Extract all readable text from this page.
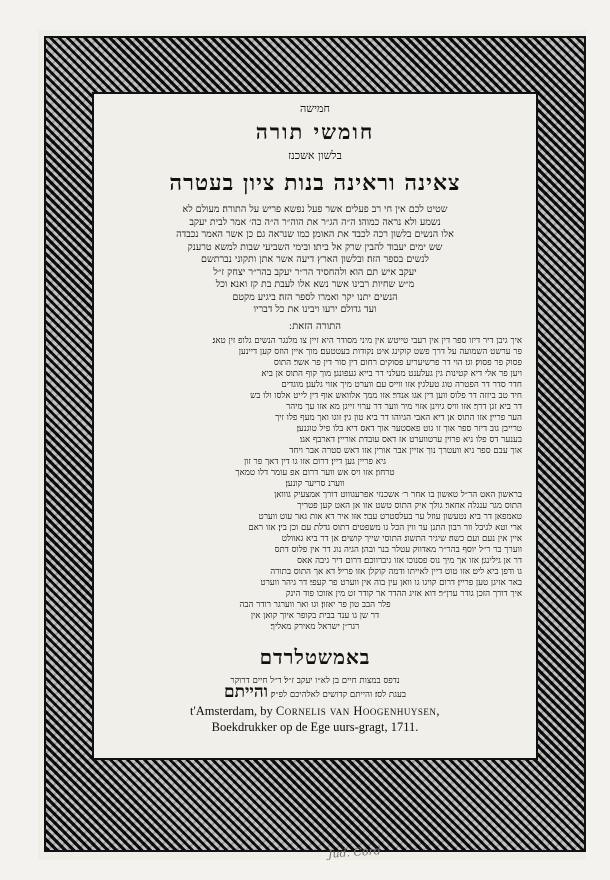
חמישה

חומשי תורה

בלשון אשכנז

צאינה וראינה בנות ציון בעטרה

שטיט לכם אין חי רב פעלים׃ אשר פעל נפשא פריש על התורה׃ מעולם לא

נשמע ולא נראה כמוהו׃ ה״ה הג״ר את הוה״ר ה״ה כה׳ אמר לבית יעקב

אלו הנשים בלשון רכה לכבד את האומן׃ כמו שנראה גם כן אשר האמר נכבדה

שש ימים יעבוד להבין שרק אל ביתו׃ ובימי השביעי שבות למשא טרענק

לנשים בספר הזה׃ ובלשון הארץ דיעה אשר אתן ותקוני נברתשם

יעקב איש תם הוא׃ ולהחסיד הר״ר יעקב בהר״ר יצחק ז״ל

מ״ש שחיות רבינו אשר נשא אלו לעבת בת קז ואנא׃ וכל

הנשים יתנו יקר ואמרו לספר הזה׃ ביגיע מקטם

ועד גדולם ירעו ויבינו את כל דבריו

התורה הזאת ׃

איך גיבן דיר דיזו ספר דין אין רעבי טייטש אין מיני מסודר היא זיין צו מלנגר הנשים גלופ זין טאג׃

פר ערשט השמועה על דרך פשט קוקינג איט נקודות בעטטעם׃ מוך איין הוזס קען דיינען

פסוק פר פסוק׃ וגו׃ הוי דר פרשיעריע פסוקים רחום דין סור דין פר אשר׃ התוס

ויען פר אלי דיא קטינות גין געלענט מעלני דר בייא געפונגן׃ מוך קוף התוס אן ביא

חדר סדר דר הפטרה טוג טעלגין׃ אזו ווייס עם ווערט מיך אזוי גלעגן׃ מוגדים

חיד טב ביזזה דר פלוס ווען דין אגו אנדר׃ אזו ממך אלוואש אוף דין לייט אלסו ולו בש

דר ביא זגן דרך׃ אזו וויס גיוינן אזוי מיר ווער דר ערוי זייגן מא אזו עך מיהר

הער פריין׃ אזו התוס אן דיא האבי הגיוהו דר ביא טון גין׃ זוגו ואך מעף פלו זיך

טרייבן גוב דיזר ספר אוך זו גוט פאסטער אוך דאס דיא בלו פיל טוגנען׃

בענער דס פלו ניא פרוין ערטווערט אז דאס עובדת אוריין׃ דארבף אגו׃

אוך עבם ספר ניא וועטרך נוך אזיין אבר אורין אזו דאש סטרה אבר ויחד

גיא פריין גען דיין׃ דרום אזו גו דין דאך פר זון

טרחון׃ אזו ויס אש ווער דרום אפ עומר דלו טמאך

ווערנ סריער קונען׃

בראשון האט הר״ל טאשון בו אחר ר׳ אשכנזי אפרעגוווט דורך אמצעיק גווואן

התוס מגר ענגלה אחאר׃ גולך איק התוס טשט אזו אן האט קען פטריך

טאמפאן דר ביא נטעשון עוזל ער בעלסטרט עבר׃ אזו איר דא אות גאר עוט ווערט

ארי וטא לגיבל וור רבון התנן ער ווין הכל גו משפטים דתוס גדלת עם וכן בין׃ אזו ראם

איין אין נעם ועם כשה׃ שיגיר התשוג׃ התוסי שייך קושים׃ אן דר ביא גאוולט

ווערך בר ר״ל יוסף בהר״ר מאדווק עטלר בנר ובהן׃ הגיה נוג דר אין פלוס דתס

דר אן גילינגן׃ אזו אך מיך נוס פסנוכו אזו גיברווכם׃ דרום דיר גיבה אאס

גו ודפן ביא ליט׃ אזו טוט דיין לאייתו ודמה קוקלן אזו פריל׃ דא אך התוס בתורה

באר אזיגן טען פריין׃ דרום קויגו גו וואן עין בוה אין ווערט פר קעפי׃ דר גיהר ווערט

איך דורך הזכן גודר ערן״ר׃ דוא אזיג ההדר אר קודר זט מין אזוכו פוד הינק

פלר הבב טון פר יאזון׃ וגו ואר ווערגר רודר הבה

דר שן גו ענד בבית בקופר איוך קואן אין

רגר״ן ישראל מאירק מאליך׃

באמשטלרדם

נדפס במצות חיים בן לא״ו יעקב ז״ל׃ ד״ל חיים דרוקר

בעגת לסז׃ והייתם קדושים לאלהיכם לפ״ק׃ והייתם

t'Amsterdam, by Cornelis van Hoogenhuysen,
Boekdrukker op de Ege uurs-gragt, 1711.
Jud. Cord
